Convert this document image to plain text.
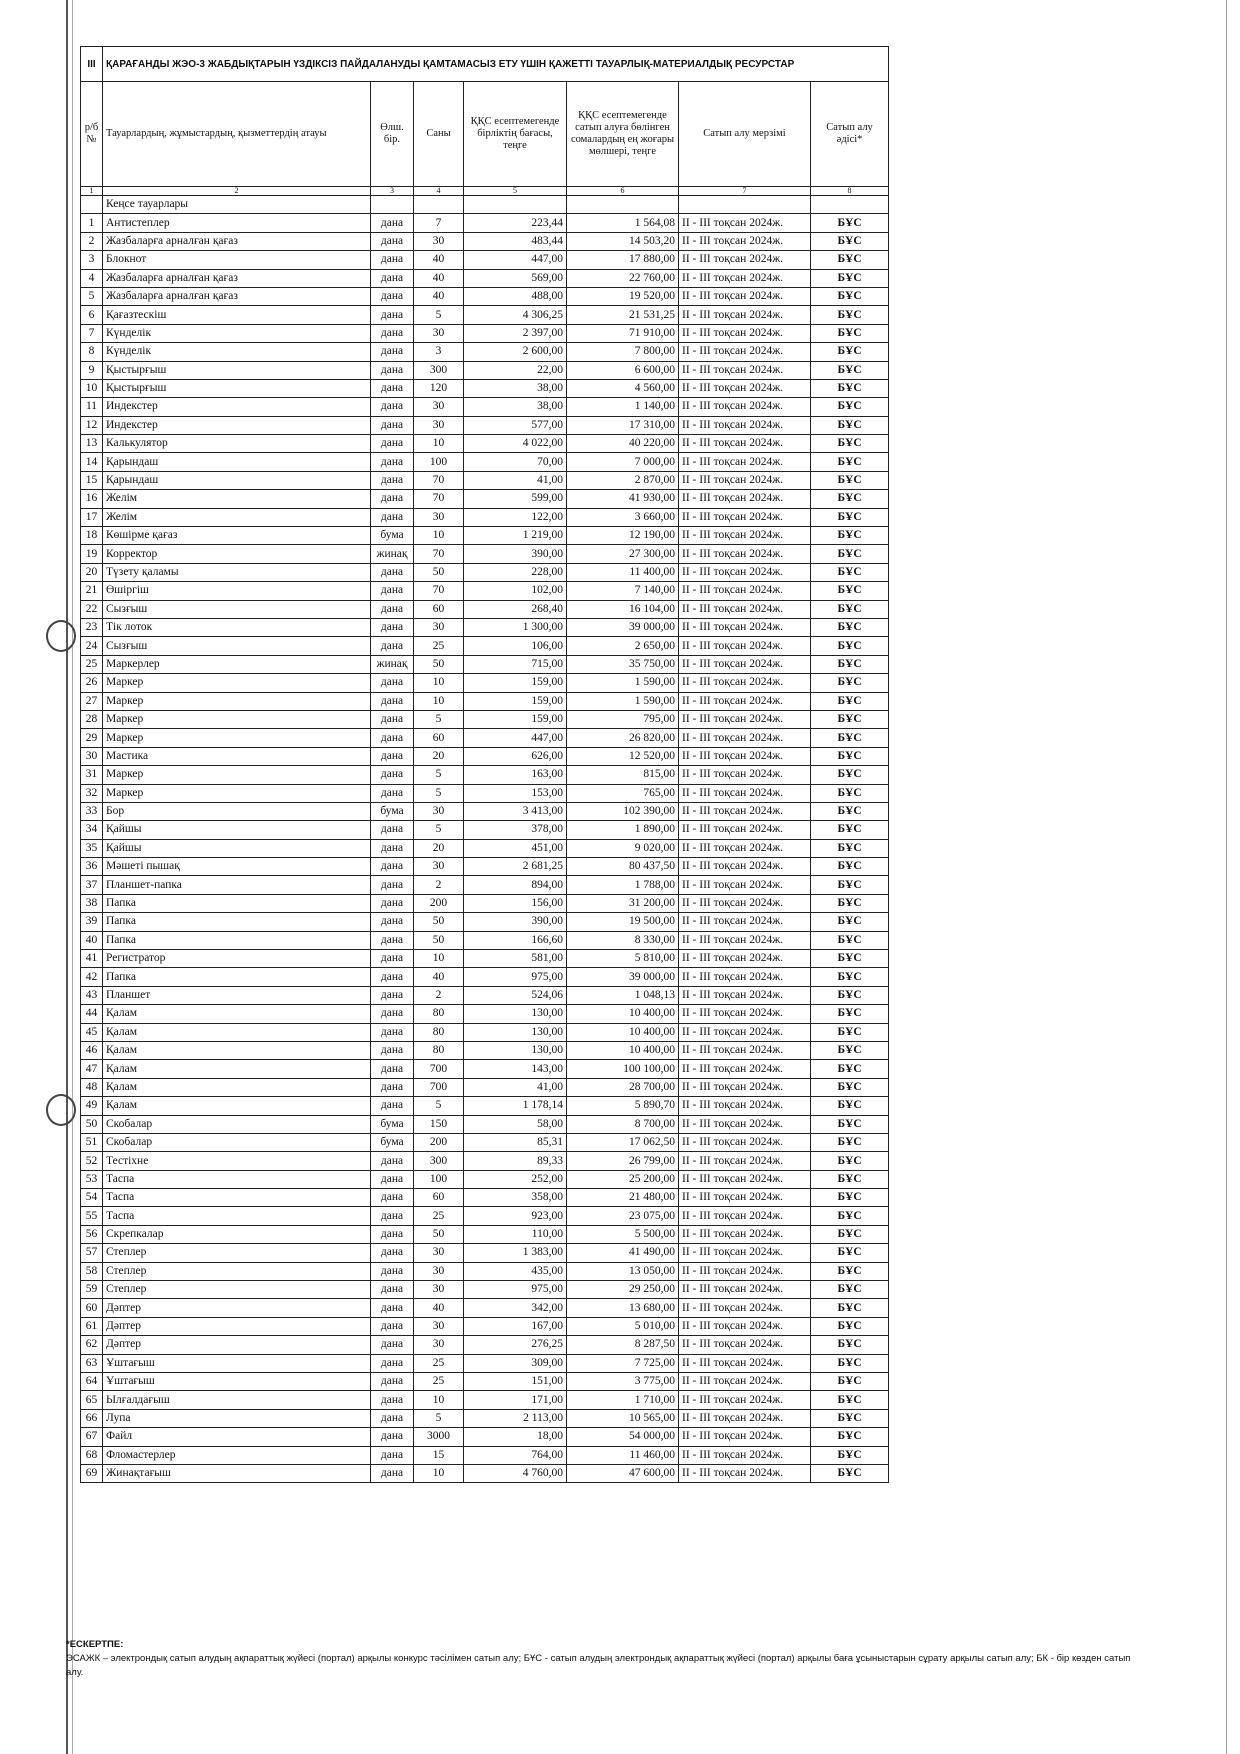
III	ҚАРАҒАНДЫ ЖЭО-3 ЖАБДЫҚТАРЫН ҮЗДІКСІЗ ПАЙДАЛАНУДЫ ҚАМТАМАСЫЗ ЕТУ ҮШІН ҚАЖЕТТІ ТАУАРЛЫҚ-МАТЕРИАЛДЫҚ РЕСУРСТАР						
р/б №	Тауарлардың, жұмыстардың, қызметтердің атауы	Өлш. бір.	Саны	ҚҚС есептемегенде бірліктің бағасы, теңге	ҚҚС есептемегенде сатып алуға бөлінген сомалардың ең жоғары мөлшері, теңге	Сатып алу мерзімі	Сатып алу әдісі*
1	2	3	4	5	6	7	8
	Кеңсе тауарлары						
1	Антистеплер	дана	7	223,44	1 564,08	II - III тоқсан 2024ж.	БҰС
2	Жазбаларға арналған қағаз	дана	30	483,44	14 503,20	II - III тоқсан 2024ж.	БҰС
3	Блокнот	дана	40	447,00	17 880,00	II - III тоқсан 2024ж.	БҰС
4	Жазбаларға арналған қағаз	дана	40	569,00	22 760,00	II - III тоқсан 2024ж.	БҰС
5	Жазбаларға арналған қағаз	дана	40	488,00	19 520,00	II - III тоқсан 2024ж.	БҰС
6	Қағазтескіш	дана	5	4 306,25	21 531,25	II - III тоқсан 2024ж.	БҰС
7	Күнделік	дана	30	2 397,00	71 910,00	II - III тоқсан 2024ж.	БҰС
8	Күнделік	дана	3	2 600,00	7 800,00	II - III тоқсан 2024ж.	БҰС
9	Қыстырғыш	дана	300	22,00	6 600,00	II - III тоқсан 2024ж.	БҰС
10	Қыстырғыш	дана	120	38,00	4 560,00	II - III тоқсан 2024ж.	БҰС
11	Индекстер	дана	30	38,00	1 140,00	II - III тоқсан 2024ж.	БҰС
12	Индекстер	дана	30	577,00	17 310,00	II - III тоқсан 2024ж.	БҰС
13	Калькулятор	дана	10	4 022,00	40 220,00	II - III тоқсан 2024ж.	БҰС
14	Қарындаш	дана	100	70,00	7 000,00	II - III тоқсан 2024ж.	БҰС
15	Қарындаш	дана	70	41,00	2 870,00	II - III тоқсан 2024ж.	БҰС
16	Желім	дана	70	599,00	41 930,00	II - III тоқсан 2024ж.	БҰС
17	Желім	дана	30	122,00	3 660,00	II - III тоқсан 2024ж.	БҰС
18	Көшірме қағаз	бума	10	1 219,00	12 190,00	II - III тоқсан 2024ж.	БҰС
19	Корректор	жинақ	70	390,00	27 300,00	II - III тоқсан 2024ж.	БҰС
20	Түзету қаламы	дана	50	228,00	11 400,00	II - III тоқсан 2024ж.	БҰС
21	Өшіргіш	дана	70	102,00	7 140,00	II - III тоқсан 2024ж.	БҰС
22	Сызғыш	дана	60	268,40	16 104,00	II - III тоқсан 2024ж.	БҰС
23	Тік лоток	дана	30	1 300,00	39 000,00	II - III тоқсан 2024ж.	БҰС
24	Сызғыш	дана	25	106,00	2 650,00	II - III тоқсан 2024ж.	БҰС
25	Маркерлер	жинақ	50	715,00	35 750,00	II - III тоқсан 2024ж.	БҰС
26	Маркер	дана	10	159,00	1 590,00	II - III тоқсан 2024ж.	БҰС
27	Маркер	дана	10	159,00	1 590,00	II - III тоқсан 2024ж.	БҰС
28	Маркер	дана	5	159,00	795,00	II - III тоқсан 2024ж.	БҰС
29	Маркер	дана	60	447,00	26 820,00	II - III тоқсан 2024ж.	БҰС
30	Мастика	дана	20	626,00	12 520,00	II - III тоқсан 2024ж.	БҰС
31	Маркер	дана	5	163,00	815,00	II - III тоқсан 2024ж.	БҰС
32	Маркер	дана	5	153,00	765,00	II - III тоқсан 2024ж.	БҰС
33	Бор	бума	30	3 413,00	102 390,00	II - III тоқсан 2024ж.	БҰС
34	Қайшы	дана	5	378,00	1 890,00	II - III тоқсан 2024ж.	БҰС
35	Қайшы	дана	20	451,00	9 020,00	II - III тоқсан 2024ж.	БҰС
36	Мәшеті пышақ	дана	30	2 681,25	80 437,50	II - III тоқсан 2024ж.	БҰС
37	Планшет-папка	дана	2	894,00	1 788,00	II - III тоқсан 2024ж.	БҰС
38	Папка	дана	200	156,00	31 200,00	II - III тоқсан 2024ж.	БҰС
39	Папка	дана	50	390,00	19 500,00	II - III тоқсан 2024ж.	БҰС
40	Папка	дана	50	166,60	8 330,00	II - III тоқсан 2024ж.	БҰС
41	Регистратор	дана	10	581,00	5 810,00	II - III тоқсан 2024ж.	БҰС
42	Папка	дана	40	975,00	39 000,00	II - III тоқсан 2024ж.	БҰС
43	Планшет	дана	2	524,06	1 048,13	II - III тоқсан 2024ж.	БҰС
44	Қалам	дана	80	130,00	10 400,00	II - III тоқсан 2024ж.	БҰС
45	Қалам	дана	80	130,00	10 400,00	II - III тоқсан 2024ж.	БҰС
46	Қалам	дана	80	130,00	10 400,00	II - III тоқсан 2024ж.	БҰС
47	Қалам	дана	700	143,00	100 100,00	II - III тоқсан 2024ж.	БҰС
48	Қалам	дана	700	41,00	28 700,00	II - III тоқсан 2024ж.	БҰС
49	Қалам	дана	5	1 178,14	5 890,70	II - III тоқсан 2024ж.	БҰС
50	Скобалар	бума	150	58,00	8 700,00	II - III тоқсан 2024ж.	БҰС
51	Скобалар	бума	200	85,31	17 062,50	II - III тоқсан 2024ж.	БҰС
52	Тестіхне	дана	300	89,33	26 799,00	II - III тоқсан 2024ж.	БҰС
53	Таспа	дана	100	252,00	25 200,00	II - III тоқсан 2024ж.	БҰС
54	Таспа	дана	60	358,00	21 480,00	II - III тоқсан 2024ж.	БҰС
55	Таспа	дана	25	923,00	23 075,00	II - III тоқсан 2024ж.	БҰС
56	Скрепкалар	дана	50	110,00	5 500,00	II - III тоқсан 2024ж.	БҰС
57	Степлер	дана	30	1 383,00	41 490,00	II - III тоқсан 2024ж.	БҰС
58	Степлер	дана	30	435,00	13 050,00	II - III тоқсан 2024ж.	БҰС
59	Степлер	дана	30	975,00	29 250,00	II - III тоқсан 2024ж.	БҰС
60	Дәптер	дана	40	342,00	13 680,00	II - III тоқсан 2024ж.	БҰС
61	Дәптер	дана	30	167,00	5 010,00	II - III тоқсан 2024ж.	БҰС
62	Дәптер	дана	30	276,25	8 287,50	II - III тоқсан 2024ж.	БҰС
63	Ұштағыш	дана	25	309,00	7 725,00	II - III тоқсан 2024ж.	БҰС
64	Ұштағыш	дана	25	151,00	3 775,00	II - III тоқсан 2024ж.	БҰС
65	Ылғалдағыш	дана	10	171,00	1 710,00	II - III тоқсан 2024ж.	БҰС
66	Лупа	дана	5	2 113,00	10 565,00	II - III тоқсан 2024ж.	БҰС
67	Файл	дана	3000	18,00	54 000,00	II - III тоқсан 2024ж.	БҰС
68	Фломастерлер	дана	15	764,00	11 460,00	II - III тоқсан 2024ж.	БҰС
69	Жинақтағыш	дана	10	4 760,00	47 600,00	II - III тоқсан 2024ж.	БҰС
*ЕСКЕРТПЕ:
ЭСАЖК – электрондық сатып алудың ақпараттық жүйесі (портал) арқылы конкурс тәсілімен сатып алу; БҰС - сатып алудың электрондық ақпараттық жүйесі (портал) арқылы баға ұсыныстарын сұрату арқылы сатып алу; БК - бір көзден сатып алу.
